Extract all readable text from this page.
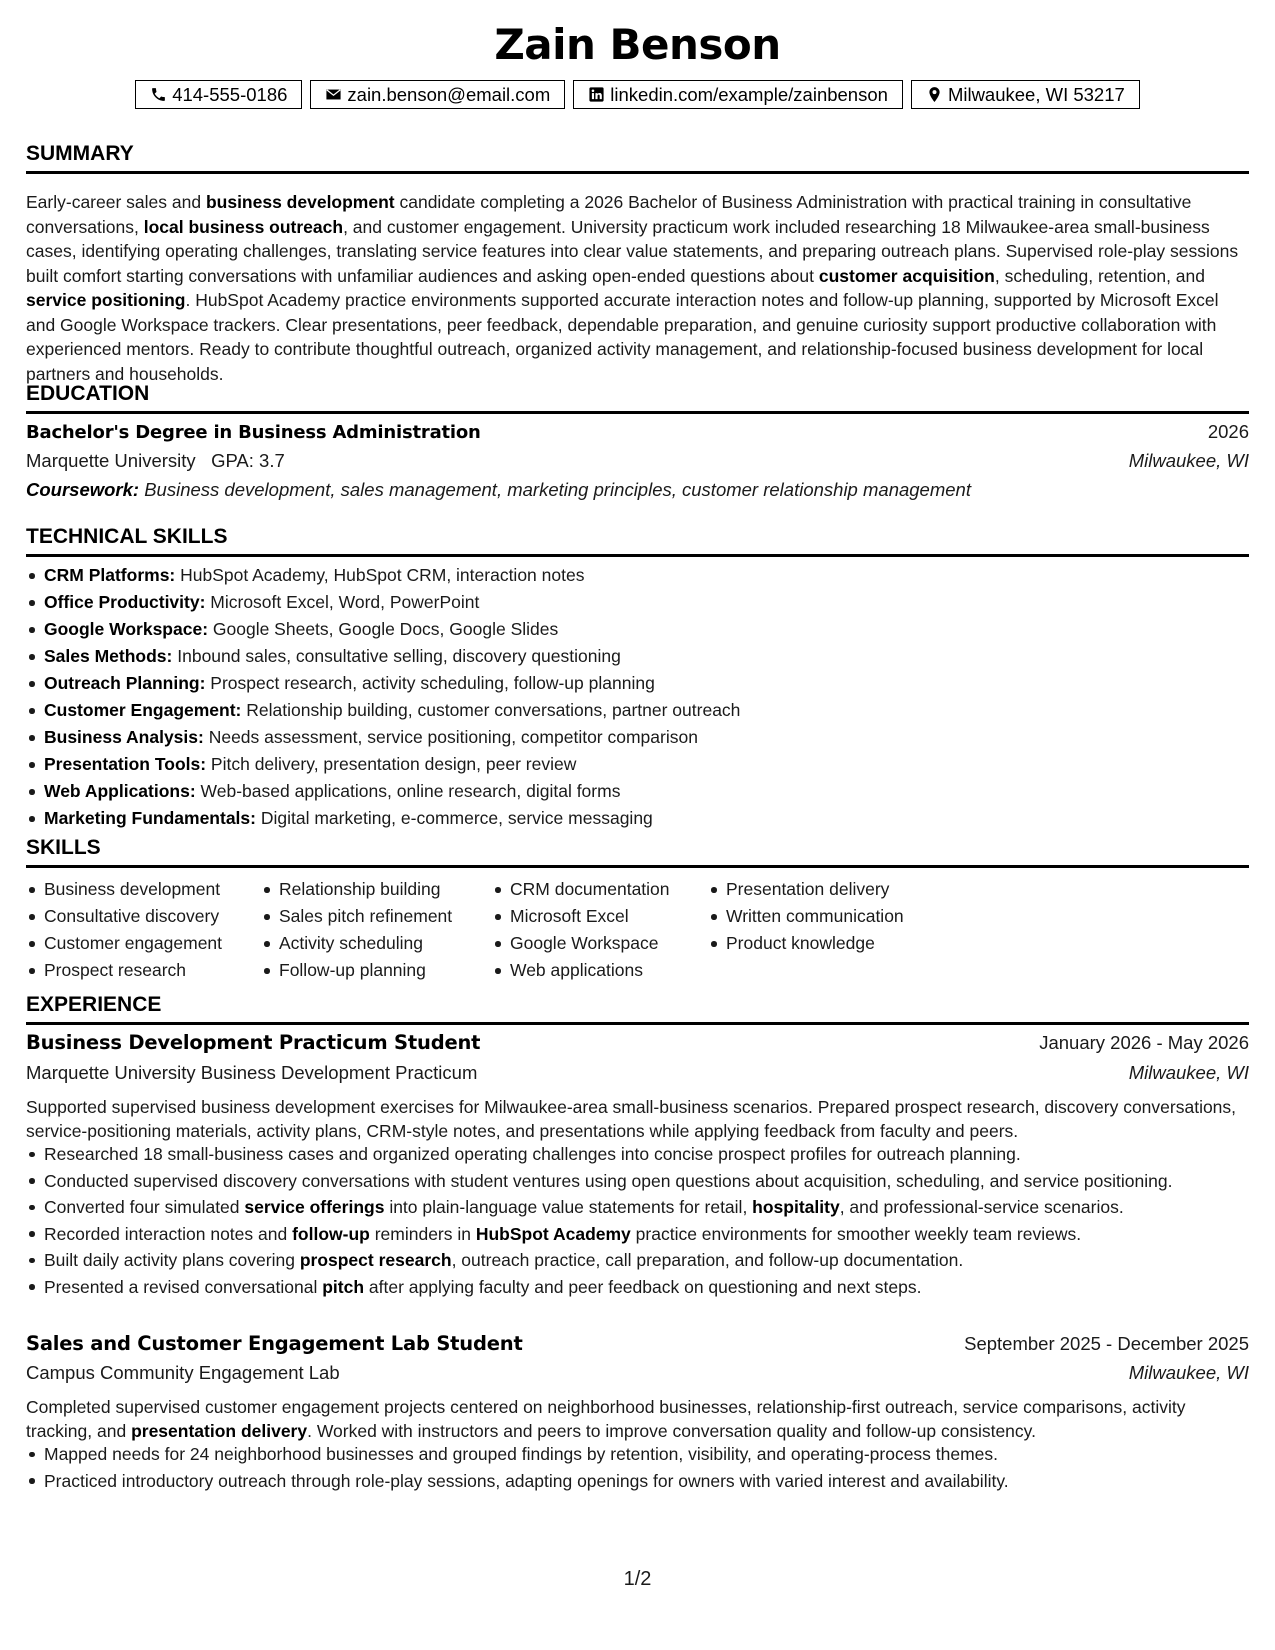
Zain Benson
414-555-0186	zain.benson@email.com	linkedin.com/example/zainbenson	Milwaukee, WI 53217
SUMMARY

Early-career sales and business development candidate completing a 2026 Bachelor of Business Administration with practical training in consultative conversations, local business outreach, and customer engagement. University practicum work included researching 18 Milwaukee-area small-business cases, identifying operating challenges, translating service features into clear value statements, and preparing outreach plans. Supervised role-play sessions built comfort starting conversations with unfamiliar audiences and asking open-ended questions about customer acquisition, scheduling, retention, and service positioning. HubSpot Academy practice environments supported accurate interaction notes and follow-up planning, supported by Microsoft Excel and Google Workspace trackers. Clear presentations, peer feedback, dependable preparation, and genuine curiosity support productive collaboration with experienced mentors. Ready to contribute thoughtful outreach, organized activity management, and relationship-focused business development for local partners and households.

EDUCATION
Bachelor's Degree in Business Administration	2026
Marquette University GPA: 3.7	Milwaukee, WI
Coursework: Business development, sales management, marketing principles, customer relationship management
TECHNICAL SKILLS
CRM Platforms: HubSpot Academy, HubSpot CRM, interaction notes
Office Productivity: Microsoft Excel, Word, PowerPoint
Google Workspace: Google Sheets, Google Docs, Google Slides
Sales Methods: Inbound sales, consultative selling, discovery questioning
Outreach Planning: Prospect research, activity scheduling, follow-up planning
Customer Engagement: Relationship building, customer conversations, partner outreach
Business Analysis: Needs assessment, service positioning, competitor comparison
Presentation Tools: Pitch delivery, presentation design, peer review
Web Applications: Web-based applications, online research, digital forms
Marketing Fundamentals: Digital marketing, e-commerce, service messaging
SKILLS
Business development
Consultative discovery
Customer engagement
Prospect research
Relationship building
Sales pitch refinement
Activity scheduling
Follow-up planning
CRM documentation
Microsoft Excel
Google Workspace
Web applications
Presentation delivery
Written communication
Product knowledge
EXPERIENCE
Business Development Practicum Student	January 2026 - May 2026
Marquette University Business Development Practicum	Milwaukee, WI

Supported supervised business development exercises for Milwaukee-area small-business scenarios. Prepared prospect research, discovery conversations, service-positioning materials, activity plans, CRM-style notes, and presentations while applying feedback from faculty and peers.

Researched 18 small-business cases and organized operating challenges into concise prospect profiles for outreach planning.
Conducted supervised discovery conversations with student ventures using open questions about acquisition, scheduling, and service positioning.
Converted four simulated service offerings into plain-language value statements for retail, hospitality, and professional-service scenarios.
Recorded interaction notes and follow-up reminders in HubSpot Academy practice environments for smoother weekly team reviews.
Built daily activity plans covering prospect research, outreach practice, call preparation, and follow-up documentation.
Presented a revised conversational pitch after applying faculty and peer feedback on questioning and next steps.
Sales and Customer Engagement Lab Student	September 2025 - December 2025
Campus Community Engagement Lab	Milwaukee, WI

Completed supervised customer engagement projects centered on neighborhood businesses, relationship-first outreach, service comparisons, activity tracking, and presentation delivery. Worked with instructors and peers to improve conversation quality and follow-up consistency.

Mapped needs for 24 neighborhood businesses and grouped findings by retention, visibility, and operating-process themes.
Practiced introductory outreach through role-play sessions, adapting openings for owners with varied interest and availability.
1/2
